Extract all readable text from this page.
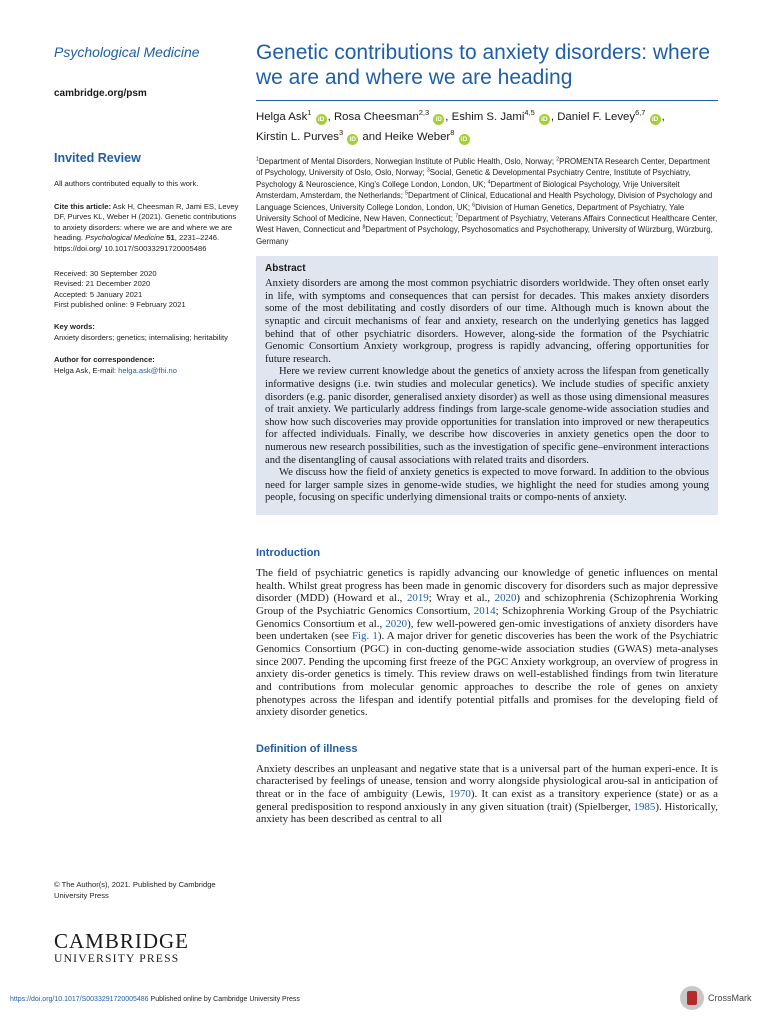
Psychological Medicine
cambridge.org/psm
Invited Review
All authors contributed equally to this work.
Cite this article: Ask H, Cheesman R, Jami ES, Levey DF, Purves KL, Weber H (2021). Genetic contributions to anxiety disorders: where we are and where we are heading. Psychological Medicine 51, 2231–2246. https://doi.org/ 10.1017/S0033291720005486
Received: 30 September 2020
Revised: 21 December 2020
Accepted: 5 January 2021
First published online: 9 February 2021
Key words:
Anxiety disorders; genetics; internalising; heritability
Author for correspondence:
Helga Ask, E-mail: helga.ask@fhi.no
© The Author(s), 2021. Published by Cambridge University Press
CAMBRIDGE
UNIVERSITY PRESS
Genetic contributions to anxiety disorders: where we are and where we are heading
Helga Ask$^1$ iD , Rosa Cheesman$^{2,3}$ iD , Eshim S. Jami$^{4,5}$ iD , Daniel F. Levey$^{6,7}$ iD ,
Kirstin L. Purves$^3$ iD and Heike Weber$^8$ iD
$^1$Department of Mental Disorders, Norwegian Institute of Public Health, Oslo, Norway; $^2$PROMENTA Research Center, Department of Psychology, University of Oslo, Oslo, Norway; $^3$Social, Genetic & Developmental Psychiatry Centre, Institute of Psychiatry, Psychology & Neuroscience, King's College London, London, UK; $^4$Department of Biological Psychology, Vrije Universiteit Amsterdam, Amsterdam, the Netherlands; $^5$Department of Clinical, Educational and Health Psychology, Division of Psychology and Language Sciences, University College London, London, UK; $^6$Division of Human Genetics, Department of Psychiatry, Yale University School of Medicine, New Haven, Connecticut; $^7$Department of Psychiatry, Veterans Affairs Connecticut Healthcare Center, West Haven, Connecticut and $^8$Department of Psychology, Psychosomatics and Psychotherapy, University of Würzburg, Würzburg, Germany
Abstract

Anxiety disorders are among the most common psychiatric disorders worldwide. They often onset early in life, with symptoms and consequences that can persist for decades. This makes anxiety disorders some of the most debilitating and costly disorders of our time. Although much is known about the synaptic and circuit mechanisms of fear and anxiety, research on the underlying genetics has lagged behind that of other psychiatric disorders. However, along-side the formation of the Psychiatric Genomic Consortium Anxiety workgroup, progress is rapidly advancing, offering opportunities for future research.

Here we review current knowledge about the genetics of anxiety across the lifespan from genetically informative designs (i.e. twin studies and molecular genetics). We include studies of specific anxiety disorders (e.g. panic disorder, generalised anxiety disorder) as well as those using dimensional measures of trait anxiety. We particularly address findings from large-scale genome-wide association studies and show how such discoveries may provide opportunities for translation into improved or new therapeutics for affected individuals. Finally, we describe how discoveries in anxiety genetics open the door to numerous new research possibilities, such as the investigation of specific gene–environment interactions and the disentangling of causal associations with related traits and disorders.

We discuss how the field of anxiety genetics is expected to move forward. In addition to the obvious need for larger sample sizes in genome-wide studies, we highlight the need for studies among young people, focusing on specific underlying dimensional traits or compo-nents of anxiety.

Introduction

The field of psychiatric genetics is rapidly advancing our knowledge of genetic influences on mental health. Whilst great progress has been made in genomic discovery for disorders such as major depressive disorder (MDD) (Howard et al., 2019; Wray et al., 2020) and schizophrenia (Schizophrenia Working Group of the Psychiatric Genomics Consortium, 2014; Schizophrenia Working Group of the Psychiatric Genomics Consortium et al., 2020), few well-powered gen-omic investigations of anxiety disorders have been undertaken (see Fig. 1). A major driver for genetic discoveries has been the work of the Psychiatric Genomics Consortium (PGC) in con-ducting genome-wide association studies (GWAS) meta-analyses since 2007. Pending the upcoming first freeze of the PGC Anxiety workgroup, an overview of progress in anxiety dis-order genetics is timely. This review draws on well-established findings from twin literature and contributions from molecular genomic approaches to describe the role of genes on anxiety phenotypes across the lifespan and identify potential pitfalls and promises for the developing field of anxiety disorder genetics.

Definition of illness

Anxiety describes an unpleasant and negative state that is a universal part of the human experi-ence. It is characterised by feelings of unease, tension and worry alongside physiological arou-sal in anticipation of threat or in the face of ambiguity (Lewis, 1970). It can exist as a transitory experience (state) or as a general predisposition to respond anxiously in any given situation (trait) (Spielberger, 1985). Historically, anxiety has been described as central to all

https://doi.org/10.1017/S0033291720005486 Published online by Cambridge University Press	CrossMark
